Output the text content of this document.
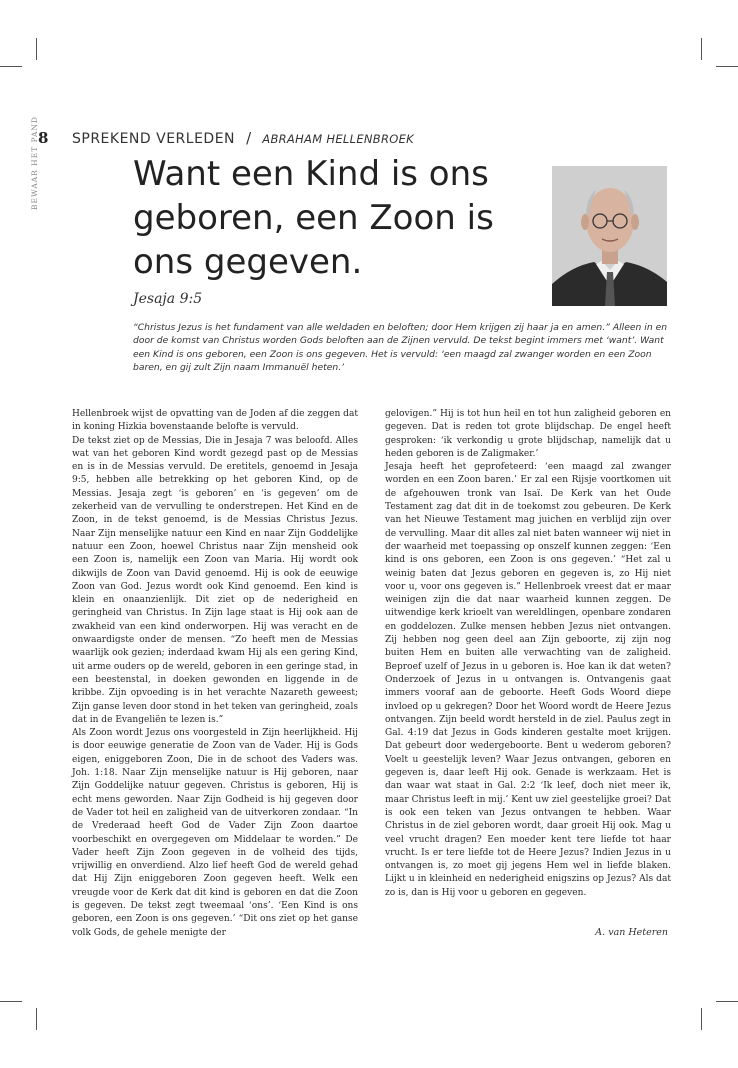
8
BEWAAR HET PAND SPREKEND VERLEDEN / ABRAHAM HELLENBROEK
Want een Kind is ons
geboren, een Zoon is
ons gegeven.
Jesaja 9:5

“Christus Jezus is het fundament van alle weldaden en beloften; door Hem krijgen zij haar ja en amen.” Alleen in en door de komst van Christus worden Gods beloften aan de Zijnen vervuld. De tekst begint immers met ‘want’. Want een Kind is ons geboren, een Zoon is ons gegeven. Het is vervuld: ‘een maagd zal zwanger worden en een Zoon baren, en gij zult Zijn naam Immanuël heten.’

Hellenbroek wijst de opvatting van de Joden af die zeggen dat in koning Hizkia bovenstaande belofte is vervuld.

De tekst ziet op de Messias, Die in Jesaja 7 was beloofd. Alles wat van het geboren Kind wordt gezegd past op de Messias en is in de Messias vervuld. De eretitels, genoemd in Jesaja 9:5, hebben alle betrekking op het geboren Kind, op de Messias. Jesaja zegt ‘is geboren’ en ‘is gegeven’ om de zekerheid van de vervulling te onderstrepen. Het Kind en de Zoon, in de tekst genoemd, is de Messias Christus Jezus. Naar Zijn menselijke natuur een Kind en naar Zijn Goddelijke natuur een Zoon, hoewel Christus naar Zijn mensheid ook een Zoon is, namelijk een Zoon van Maria. Hij wordt ook dikwijls de Zoon van David genoemd. Hij is ook de eeuwige Zoon van God. Jezus wordt ook Kind genoemd. Een kind is klein en onaanzienlijk. Dit ziet op de nederigheid en geringheid van Christus. In Zijn lage staat is Hij ook aan de zwakheid van een kind onderworpen. Hij was veracht en de onwaardigste onder de mensen. “Zo heeft men de Messias waarlijk ook gezien; inderdaad kwam Hij als een gering Kind, uit arme ouders op de wereld, geboren in een geringe stad, in een beestenstal, in doeken gewonden en liggende in de kribbe. Zijn opvoeding is in het verachte Nazareth geweest; Zijn ganse leven door stond in het teken van geringheid, zoals dat in de Evangeliën te lezen is.”

Als Zoon wordt Jezus ons voorgesteld in Zijn heerlijkheid. Hij is door eeuwige generatie de Zoon van de Vader. Hij is Gods eigen, eniggeboren Zoon, Die in de schoot des Vaders was. Joh. 1:18. Naar Zijn menselijke natuur is Hij geboren, naar Zijn Goddelijke natuur gegeven. Christus is geboren, Hij is echt mens geworden. Naar Zijn Godheid is hij gegeven door de Vader tot heil en zaligheid van de uitverkoren zondaar. “In de Vrederaad heeft God de Vader Zijn Zoon daartoe voorbeschikt en overgegeven om Middelaar te worden.” De Vader heeft Zijn Zoon gegeven in de volheid des tijds, vrijwillig en onverdiend. Alzo lief heeft God de wereld gehad dat Hij Zijn eniggeboren Zoon gegeven heeft. Welk een vreugde voor de Kerk dat dit kind is geboren en dat die Zoon is gegeven. De tekst zegt tweemaal ‘ons’. ‘Een Kind is ons geboren, een Zoon is ons gegeven.’ “Dit ons ziet op het ganse volk Gods, de gehele menigte der

gelovigen.” Hij is tot hun heil en tot hun zaligheid geboren en gegeven. Dat is reden tot grote blijdschap. De engel heeft gesproken: ‘ik verkondig u grote blijdschap, namelijk dat u heden geboren is de Zaligmaker.’

Jesaja heeft het geprofeteerd: ‘een maagd zal zwanger worden en een Zoon baren.’ Er zal een Rijsje voortkomen uit de afgehouwen tronk van Isaï. De Kerk van het Oude Testament zag dat dit in de toekomst zou gebeuren. De Kerk van het Nieuwe Testament mag juichen en verblijd zijn over de vervulling. Maar dit alles zal niet baten wanneer wij niet in der waarheid met toepassing op onszelf kunnen zeggen: ‘Een kind is ons geboren, een Zoon is ons gegeven.’ “Het zal u weinig baten dat Jezus geboren en gegeven is, zo Hij niet voor u, voor ons gegeven is.” Hellenbroek vreest dat er maar weinigen zijn die dat naar waarheid kunnen zeggen. De uitwendige kerk krioelt van wereldlingen, openbare zondaren en goddelozen. Zulke mensen hebben Jezus niet ontvangen. Zij hebben nog geen deel aan Zijn geboorte, zij zijn nog buiten Hem en buiten alle verwachting van de zaligheid. Beproef uzelf of Jezus in u geboren is. Hoe kan ik dat weten? Onderzoek of Jezus in u ontvangen is. Ontvangenis gaat immers vooraf aan de geboorte. Heeft Gods Woord diepe invloed op u gekregen? Door het Woord wordt de Heere Jezus ontvangen. Zijn beeld wordt hersteld in de ziel. Paulus zegt in Gal. 4:19 dat Jezus in Gods kinderen gestalte moet krijgen. Dat gebeurt door wedergeboorte. Bent u wederom geboren? Voelt u geestelijk leven? Waar Jezus ontvangen, geboren en gegeven is, daar leeft Hij ook. Genade is werkzaam. Het is dan waar wat staat in Gal. 2:2 ‘Ik leef, doch niet meer ik, maar Christus leeft in mij.’ Kent uw ziel geestelijke groei? Dat is ook een teken van Jezus ontvangen te hebben. Waar Christus in de ziel geboren wordt, daar groeit Hij ook. Mag u veel vrucht dragen? Een moeder kent tere liefde tot haar vrucht. Is er tere liefde tot de Heere Jezus? Indien Jezus in u ontvangen is, zo moet gij jegens Hem wel in liefde blaken. Lijkt u in kleinheid en nederigheid enigszins op Jezus? Als dat zo is, dan is Hij voor u geboren en gegeven.

A. van Heteren
